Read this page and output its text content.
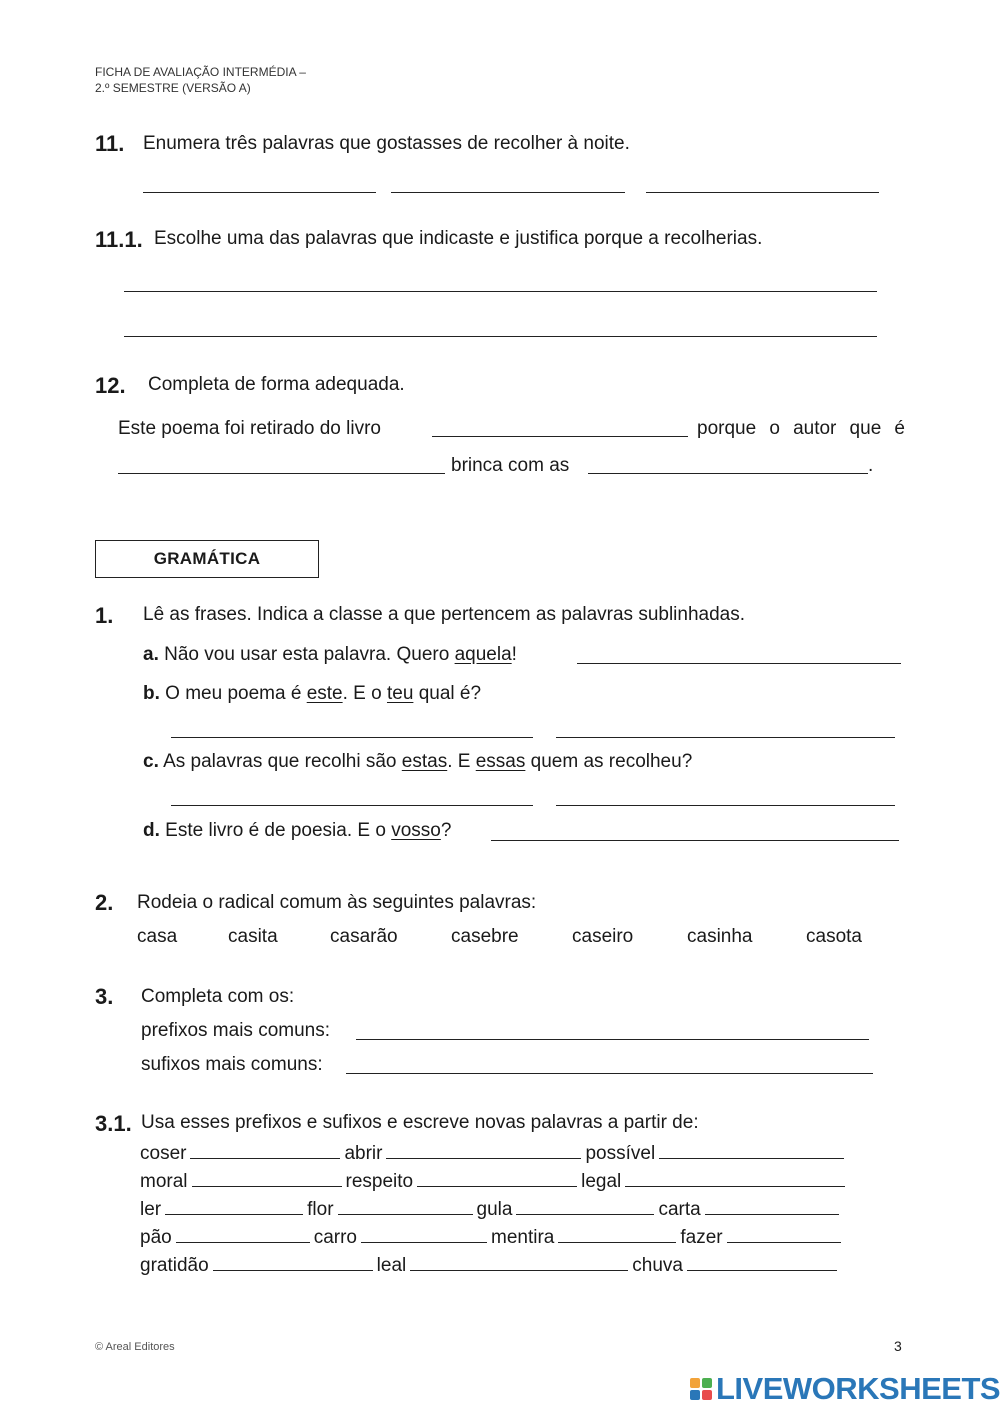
FICHA DE AVALIAÇÃO INTERMÉDIA –
2.º SEMESTRE (VERSÃO A)
11. Enumera três palavras que gostasses de recolher à noite.
11.1. Escolhe uma das palavras que indicaste e justifica porque a recolherias.
12. Completa de forma adequada.
Este poema foi retirado do livro	porque o autor que é
brinca com as	.
GRAMÁTICA
1. Lê as frases. Indica a classe a que pertencem as palavras sublinhadas.
a. Não vou usar esta palavra. Quero aquela!
b. O meu poema é este. E o teu qual é?
c. As palavras que recolhi são estas. E essas quem as recolheu?
d. Este livro é de poesia. E o vosso?
2. Rodeia o radical comum às seguintes palavras:
casa	casita	casarão	casebre	caseiro	casinha	casota
3. Completa com os:
prefixos mais comuns:
sufixos mais comuns:
3.1. Usa esses prefixos e sufixos e escreve novas palavras a partir de:
coser	abrir	possível
moral	respeito	legal
ler	flor	gula	carta
pão	carro	mentira	fazer
gratidão	leal	chuva
© Areal Editores	3
LIVEWORKSHEETS
